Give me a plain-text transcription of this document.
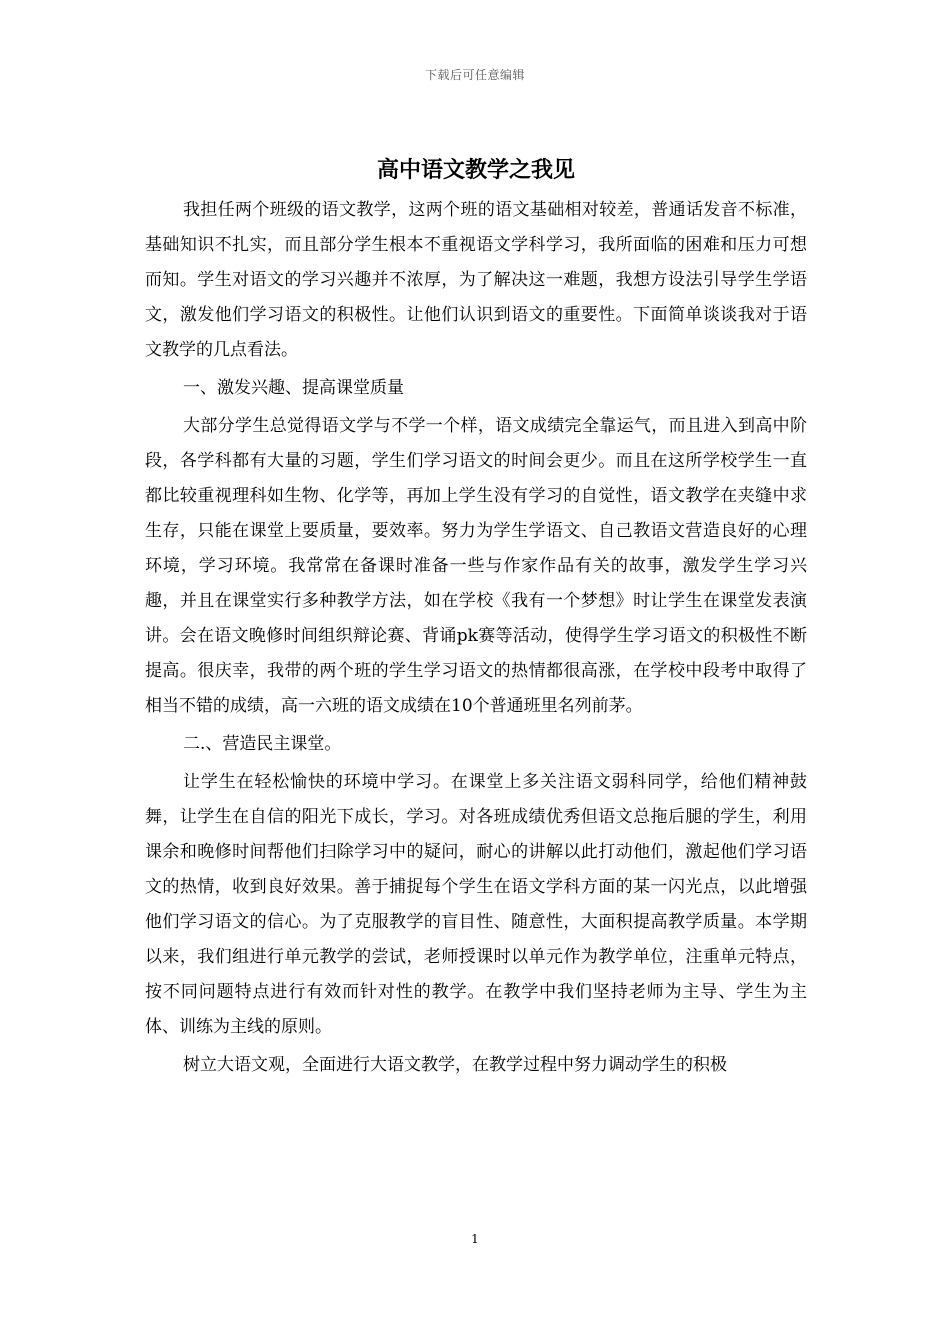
下载后可任意编辑
高中语文教学之我见

我担任两个班级的语文教学，这两个班的语文基础相对较差，普通话发音不标准，基础知识不扎实，而且部分学生根本不重视语文学科学习，我所面临的困难和压力可想而知。学生对语文的学习兴趣并不浓厚，为了解决这一难题，我想方设法引导学生学语文，激发他们学习语文的积极性。让他们认识到语文的重要性。下面简单谈谈我对于语文教学的几点看法。

一、激发兴趣、提高课堂质量

大部分学生总觉得语文学与不学一个样，语文成绩完全靠运气，而且进入到高中阶段，各学科都有大量的习题，学生们学习语文的时间会更少。而且在这所学校学生一直都比较重视理科如生物、化学等，再加上学生没有学习的自觉性，语文教学在夹缝中求生存，只能在课堂上要质量，要效率。努力为学生学语文、自己教语文营造良好的心理环境，学习环境。我常常在备课时准备一些与作家作品有关的故事，激发学生学习兴趣，并且在课堂实行多种教学方法，如在学校《我有一个梦想》时让学生在课堂发表演讲。会在语文晚修时间组织辩论赛、背诵pk赛等活动，使得学生学习语文的积极性不断提高。很庆幸，我带的两个班的学生学习语文的热情都很高涨，在学校中段考中取得了相当不错的成绩，高一六班的语文成绩在10个普通班里名列前茅。

二.、营造民主课堂。

让学生在轻松愉快的环境中学习。在课堂上多关注语文弱科同学，给他们精神鼓舞，让学生在自信的阳光下成长，学习。对各班成绩优秀但语文总拖后腿的学生，利用课余和晚修时间帮他们扫除学习中的疑问，耐心的讲解以此打动他们，激起他们学习语文的热情，收到良好效果。善于捕捉每个学生在语文学科方面的某一闪光点，以此增强他们学习语文的信心。为了克服教学的盲目性、随意性，大面积提高教学质量。本学期以来，我们组进行单元教学的尝试，老师授课时以单元作为教学单位，注重单元特点，按不同问题特点进行有效而针对性的教学。在教学中我们坚持老师为主导、学生为主体、训练为主线的原则。

树立大语文观，全面进行大语文教学，在教学过程中努力调动学生的积极

1
